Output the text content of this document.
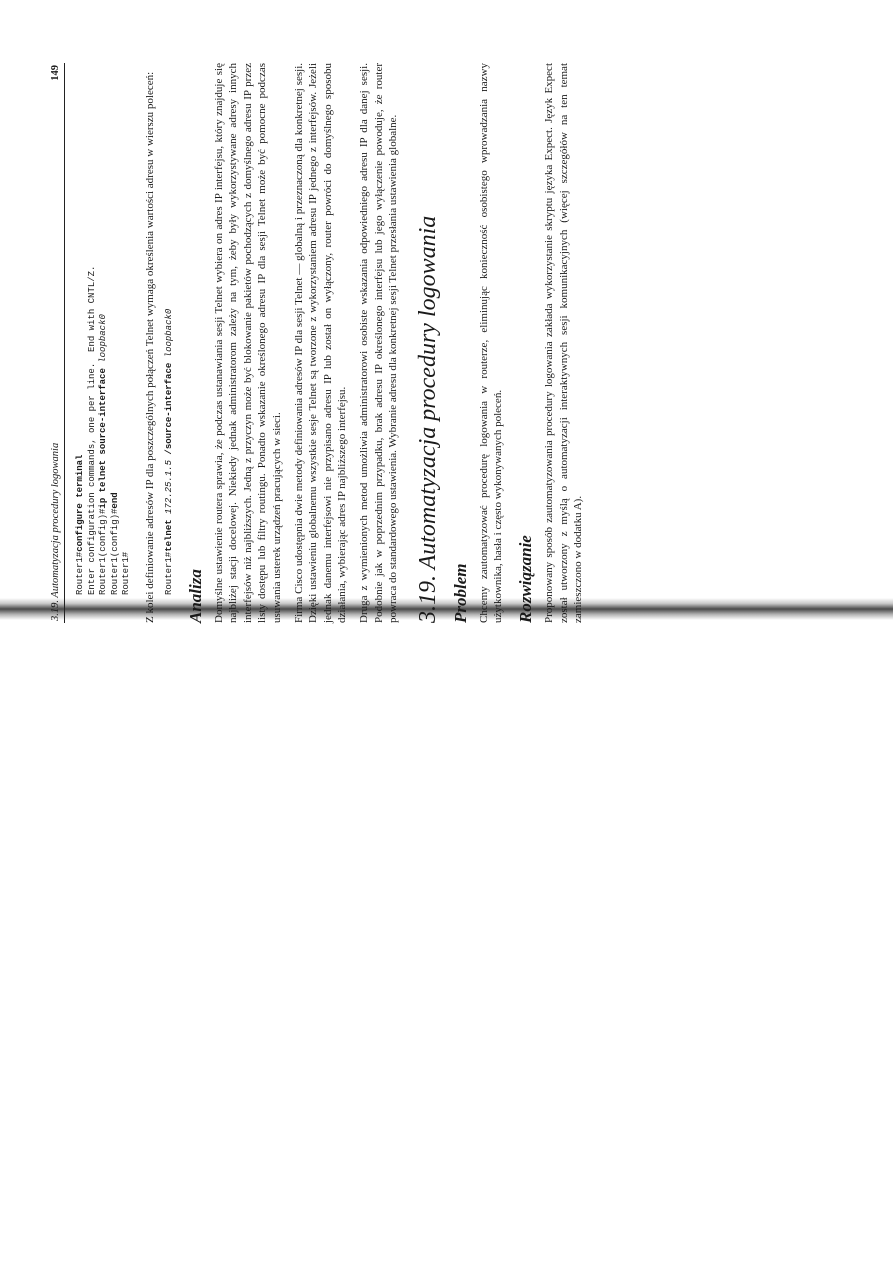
3.19. Automatyzacja procedury logowania
149
Router1#configure terminal Enter configuration commands, one per line.  End with CNTL/Z. Router1(config)#ip telnet source-interface loopback0
Router1(config)#end
Router1# Z kolei definiowanie adresów IP dla poszczególnych połączeń Telnet wymaga określenia wartości adresu w wierszu poleceń: Router1#telnet 172.25.1.5 /source-interface loopback0
Analiza Domyślne ustawienie routera sprawia, że podczas ustanawiania sesji Telnet wybiera on adres IP interfejsu, który znajduje się najbliżej stacji docelowej. Niekiedy jednak administratorom zależy na tym, żeby były wykorzystywane adresy innych interfejsów niż najbliższych. Jedną z przyczyn może być blokowanie pakietów pochodzących z domyślnego adresu IP przez listy dostępu lub filtry routingu. Ponadto wskazanie określonego adresu IP dla sesji Telnet może być pomocne podczas usuwania usterek urządzeń pracujących w sieci. Firma Cisco udostępnia dwie metody definiowania adresów IP dla sesji Telnet — globalną i przeznaczoną dla konkretnej sesji. Dzięki ustawieniu globalnemu wszystkie sesje Telnet są tworzone z wykorzystaniem adresu IP jednego z interfejsów. Jeżeli jednak danemu interfejsowi nie przypisano adresu IP lub został on wyłączony, router powróci do domyślnego sposobu działania, wybierając adres IP najbliższego interfejsu. Druga z wymienionych metod umożliwia administratorowi osobiste wskazania odpowiedniego adresu IP dla danej sesji. Podobnie jak w poprzednim przypadku, brak adresu IP określonego interfejsu lub jego wyłączenie powoduje, że router powraca do standardowego ustawienia. Wybranie adresu dla konkretnej sesji Telnet przesłania ustawienia globalne. 3.19. Automatyzacja procedury logowania Problem Chcemy zautomatyzować procedurę logowania w routerze, eliminując konieczność osobistego wprowadzania nazwy użytkownika, hasła i często wykonywanych poleceń. Rozwiązanie Proponowany sposób zautomatyzowania procedury logowania zakłada wykorzystanie skryptu języka Expect. Język Expect został utworzony z myślą o automatyzacji interaktywnych sesji komunikacyjnych (więcej szczegółów na ten temat zamieszczono w dodatku A).
